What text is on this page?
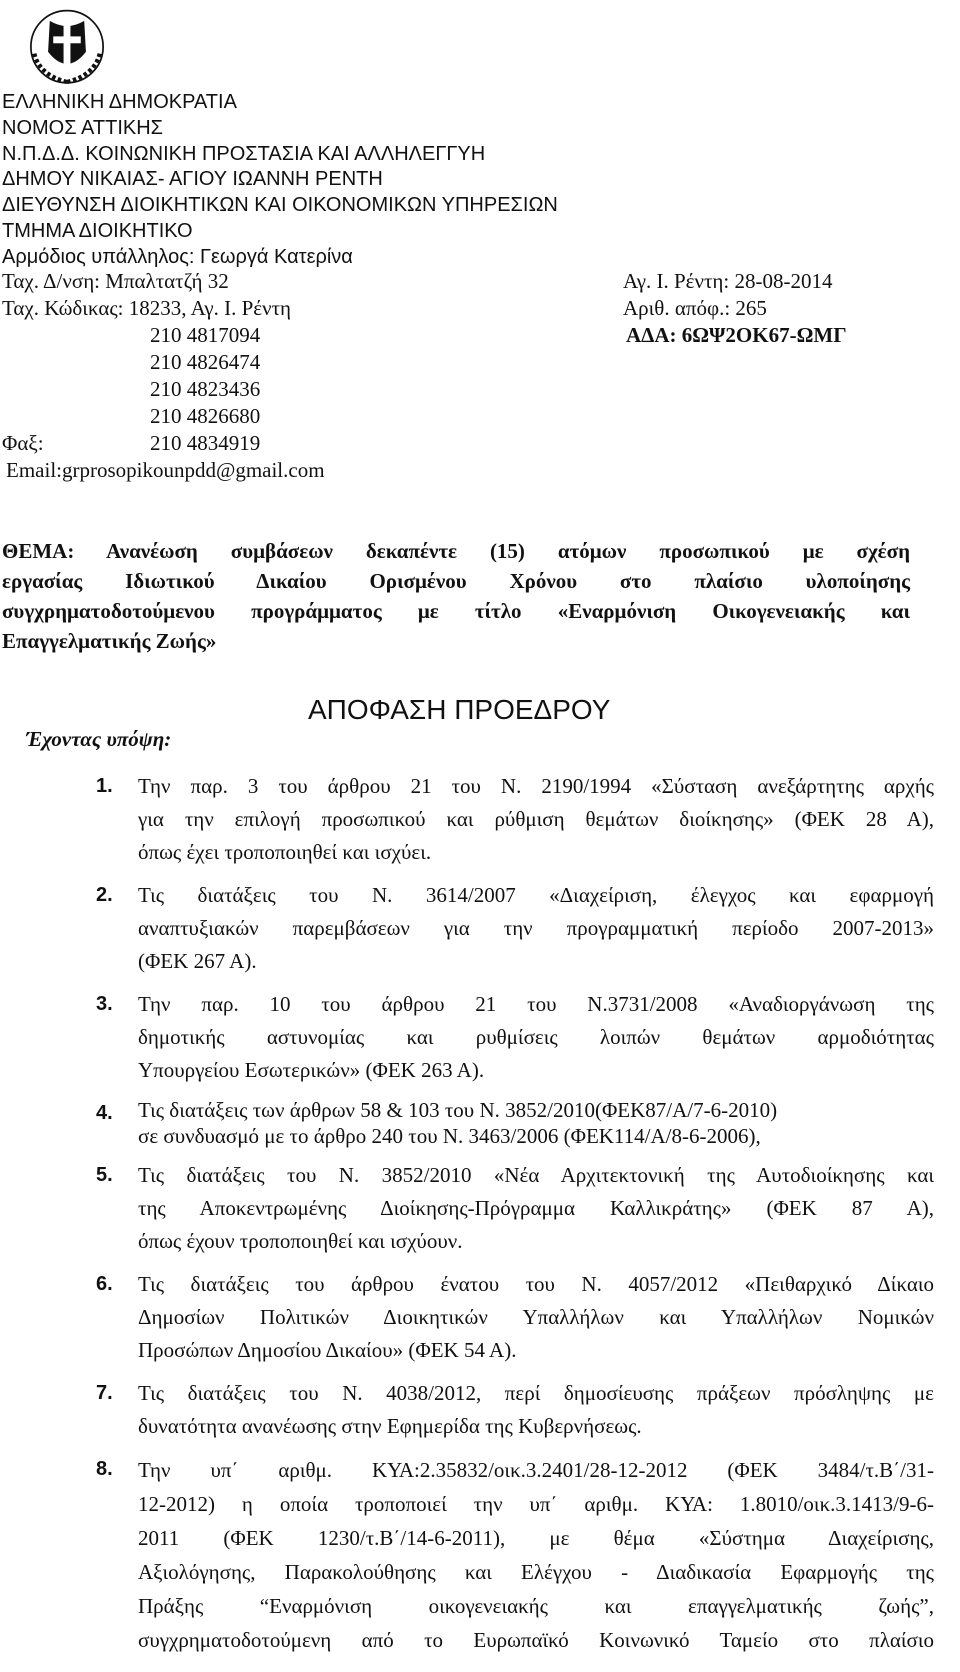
ΕΛΛΗΝΙΚΗ ΔΗΜΟΚΡΑΤΙΑ
ΝΟΜΟΣ ΑΤΤΙΚΗΣ
Ν.Π.Δ.Δ. ΚΟΙΝΩΝΙΚΗ ΠΡΟΣΤΑΣΙΑ ΚΑΙ ΑΛΛΗΛΕΓΓΥΗ
ΔΗΜΟΥ ΝΙΚΑΙΑΣ- ΑΓΙΟΥ ΙΩΑΝΝΗ ΡΕΝΤΗ
ΔΙΕΥΘΥΝΣΗ ΔΙΟΙΚΗΤΙΚΩΝ ΚΑΙ ΟΙΚΟΝΟΜΙΚΩΝ ΥΠΗΡΕΣΙΩΝ
ΤΜΗΜΑ ΔΙΟΙΚΗΤΙΚΟ
Αρμόδιος υπάλληλος: Γεωργά Κατερίνα
Ταχ. Δ/νση: Μπαλτατζή 32
Ταχ. Κώδικας: 18233, Αγ. Ι. Ρέντη
210 4817094
210 4826474
210 4823436
210 4826680
Φαξ:	210 4834919
Email:grprosopikounpdd@gmail.com
Αγ. Ι. Ρέντη: 28-08-2014
Αριθ. απόφ.: 265
ΑΔΑ: 6ΩΨ2ΟΚ67-ΩΜΓ
ΘΕΜΑ: Ανανέωση συμβάσεων δεκαπέντε (15) ατόμων προσωπικού με σχέση
εργασίας Ιδιωτικού Δικαίου Ορισμένου Χρόνου στο πλαίσιο υλοποίησης
συγχρηματοδοτούμενου προγράμματος με τίτλο «Εναρμόνιση Οικογενειακής και
Επαγγελματικής Ζωής»
ΑΠΟΦΑΣΗ ΠΡΟΕΔΡΟΥ
Έχοντας υπόψη:
1. Την παρ. 3 του άρθρου 21 του Ν. 2190/1994 «Σύσταση ανεξάρτητης αρχής
για την επιλογή προσωπικού και ρύθμιση θεμάτων διοίκησης» (ΦΕΚ 28 Α),
όπως έχει τροποποιηθεί και ισχύει.
2. Τις διατάξεις του Ν. 3614/2007 «Διαχείριση, έλεγχος και εφαρμογή
αναπτυξιακών παρεμβάσεων για την προγραμματική περίοδο 2007-2013»
(ΦΕΚ 267 Α).
3. Την παρ. 10 του άρθρου 21 του Ν.3731/2008 «Αναδιοργάνωση της
δημοτικής αστυνομίας και ρυθμίσεις λοιπών θεμάτων αρμοδιότητας
Υπουργείου Εσωτερικών» (ΦΕΚ 263 Α).
4. Τις διατάξεις των άρθρων 58 & 103 του Ν. 3852/2010(ΦΕΚ87/Α/7-6-2010)
σε συνδυασμό με το άρθρο 240 του Ν. 3463/2006 (ΦΕΚ114/Α/8-6-2006),
5. Τις διατάξεις του Ν. 3852/2010 «Νέα Αρχιτεκτονική της Αυτοδιοίκησης και
της Αποκεντρωμένης Διοίκησης-Πρόγραμμα Καλλικράτης» (ΦΕΚ 87 Α),
όπως έχουν τροποποιηθεί και ισχύουν.
6. Τις διατάξεις του άρθρου ένατου του Ν. 4057/2012 «Πειθαρχικό Δίκαιο
Δημοσίων Πολιτικών Διοικητικών Υπαλλήλων και Υπαλλήλων Νομικών
Προσώπων Δημοσίου Δικαίου» (ΦΕΚ 54 Α).
7. Τις διατάξεις του Ν. 4038/2012, περί δημοσίευσης πράξεων πρόσληψης με
δυνατότητα ανανέωσης στην Εφημερίδα της Κυβερνήσεως.
8. Την υπ΄ αριθμ. ΚΥΑ:2.35832/οικ.3.2401/28-12-2012 (ΦΕΚ 3484/τ.Β΄/31-
12-2012) η οποία τροποποιεί την υπ΄ αριθμ. ΚΥΑ: 1.8010/οικ.3.1413/9-6-
2011 (ΦΕΚ 1230/τ.Β΄/14-6-2011), με θέμα «Σύστημα Διαχείρισης,
Αξιολόγησης, Παρακολούθησης και Ελέγχου - Διαδικασία Εφαρμογής της
Πράξης “Εναρμόνιση οικογενειακής και επαγγελματικής ζωής”,
συγχρηματοδοτούμενη από το Ευρωπαϊκό Κοινωνικό Ταμείο στο πλαίσιο
